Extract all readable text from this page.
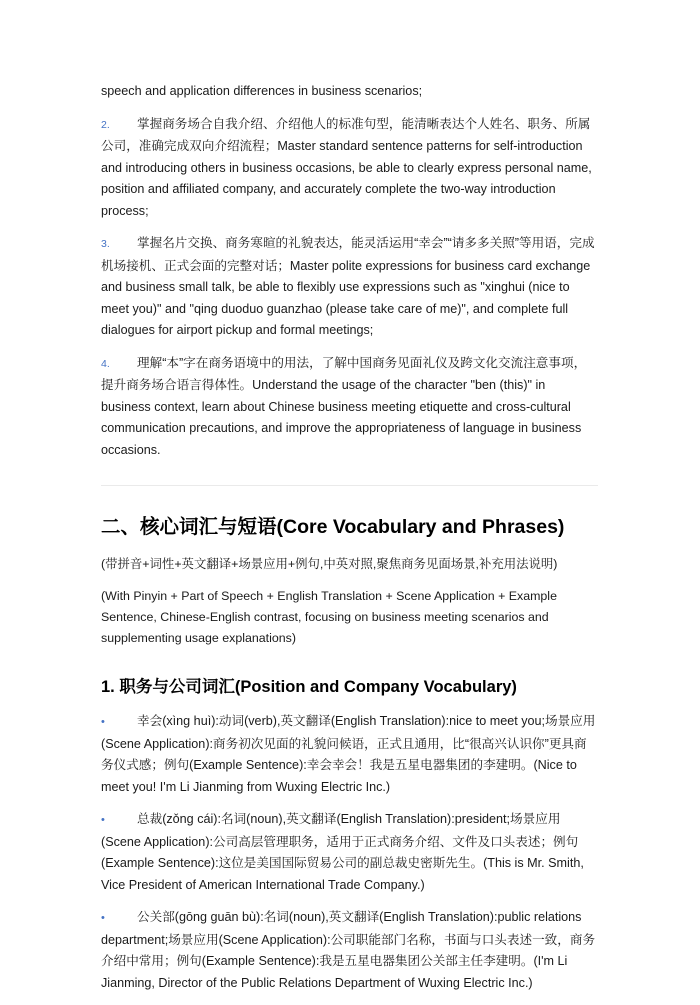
speech and application differences in business scenarios;

2. 掌握商务场合自我介绍、介绍他人的标准句型，能清晰表达个人姓名、职务、所属公司，准确完成双向介绍流程；Master standard sentence patterns for self-introduction and introducing others in business occasions, be able to clearly express personal name, position and affiliated company, and accurately complete the two-way introduction process;
3. 掌握名片交换、商务寒暄的礼貌表达，能灵活运用“幸会”“请多多关照”等用语，完成机场接机、正式会面的完整对话；Master polite expressions for business card exchange and business small talk, be able to flexibly use expressions such as "xinghui (nice to meet you)" and "qing duoduo guanzhao (please take care of me)", and complete full dialogues for airport pickup and formal meetings;
4. 理解“本”字在商务语境中的用法，了解中国商务见面礼仪及跨文化交流注意事项，提升商务场合语言得体性。Understand the usage of the character "ben (this)" in business context, learn about Chinese business meeting etiquette and cross-cultural communication precautions, and improve the appropriateness of language in business occasions.
二、核心词汇与短语(Core Vocabulary and Phrases)

(带拼音+词性+英文翻译+场景应用+例句,中英对照,聚焦商务见面场景,补充用法说明)

(With Pinyin + Part of Speech + English Translation + Scene Application + Example Sentence, Chinese-English contrast, focusing on business meeting scenarios and supplementing usage explanations)

1. 职务与公司词汇(Position and Company Vocabulary)
•	幸会(xìng huì):动词(verb),英文翻译(English Translation):nice to meet you;场景应用(Scene Application):商务初次见面的礼貌问候语，正式且通用，比“很高兴认识你”更具商务仪式感；例句(Example Sentence):幸会幸会！我是五星电器集团的李建明。(Nice to meet you! I'm Li Jianming from Wuxing Electric Inc.)
•	总裁(zǒng cái):名词(noun),英文翻译(English Translation):president;场景应用(Scene Application):公司高层管理职务，适用于正式商务介绍、文件及口头表述；例句(Example Sentence):这位是美国国际贸易公司的副总裁史密斯先生。(This is Mr. Smith, Vice President of American International Trade Company.)
•	公关部(gōng guān bù):名词(noun),英文翻译(English Translation):public relations department;场景应用(Scene Application):公司职能部门名称，书面与口头表述一致，商务介绍中常用；例句(Example Sentence):我是五星电器集团公关部主任李建明。(I'm Li Jianming, Director of the Public Relations Department of Wuxing Electric Inc.)
